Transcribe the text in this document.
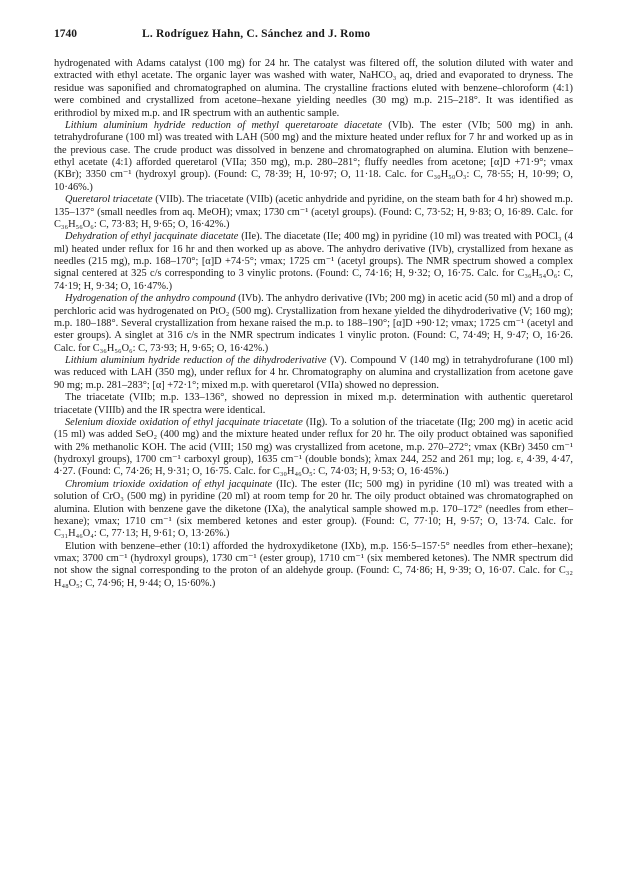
1740	L. Rodríguez Hahn, C. Sánchez and J. Romo

hydrogenated with Adams catalyst (100 mg) for 24 hr. The catalyst was filtered off, the solution diluted with water and extracted with ethyl acetate. The organic layer was washed with water, NaHCO₃ aq, dried and evaporated to dryness. The residue was saponified and chromatographed on alumina. The crystalline fractions eluted with benzene–chloroform (4:1) were combined and crystallized from acetone–hexane yielding needles (30 mg) m.p. 215–218°. It was identified as erithrodiol by mixed m.p. and IR spectrum with an authentic sample.

Lithium aluminium hydride reduction of methyl queretaroate diacetate (VIb). The ester (VIb; 500 mg) in anh. tetrahydrofurane (100 ml) was treated with LAH (500 mg) and the mixture heated under reflux for 7 hr and worked up as in the previous case. The crude product was dissolved in benzene and chromatographed on alumina. Elution with benzene–ethyl acetate (4:1) afforded queretarol (VIIa; 350 mg), m.p. 280–281°; fluffy needles from acetone; [α]D +71·9°; νmax (KBr); 3350 cm⁻¹ (hydroxyl group). (Found: C, 78·39; H, 10·97; O, 11·18. Calc. for C₃₀H₅₀O₃: C, 78·55; H, 10·99; O, 10·46%.)

Queretarol triacetate (VIIb). The triacetate (VIIb) (acetic anhydride and pyridine, on the steam bath for 4 hr) showed m.p. 135–137° (small needles from aq. MeOH); νmax; 1730 cm⁻¹ (acetyl groups). (Found: C, 73·52; H, 9·83; O, 16·89. Calc. for C₃₆H₅₆O₆: C, 73·83; H, 9·65; O, 16·42%.)

Dehydration of ethyl jacquinate diacetate (IIe). The diacetate (IIe; 400 mg) in pyridine (10 ml) was treated with POCl₃ (4 ml) heated under reflux for 16 hr and then worked up as above. The anhydro derivative (IVb), crystallized from hexane as needles (215 mg), m.p. 168–170°; [α]D +74·5°; νmax; 1725 cm⁻¹ (acetyl groups). The NMR spectrum showed a complex signal centered at 325 c/s corresponding to 3 vinylic protons. (Found: C, 74·16; H, 9·32; O, 16·75. Calc. for C₃₆H₅₄O₆: C, 74·19; H, 9·34; O, 16·47%.)

Hydrogenation of the anhydro compound (IVb). The anhydro derivative (IVb; 200 mg) in acetic acid (50 ml) and a drop of perchloric acid was hydrogenated on PtO₂ (500 mg). Crystallization from hexane yielded the dihydroderivative (V; 160 mg); m.p. 180–188°. Several crystallization from hexane raised the m.p. to 188–190°; [α]D +90·12; νmax; 1725 cm⁻¹ (acetyl and ester groups). A singlet at 316 c/s in the NMR spectrum indicates 1 vinylic proton. (Found: C, 74·49; H, 9·47; O, 16·26. Calc. for C₃₆H₅₆O₆: C, 73·93; H, 9·65; O, 16·42%.)

Lithium aluminium hydride reduction of the dihydroderivative (V). Compound V (140 mg) in tetrahydrofurane (100 ml) was reduced with LAH (350 mg), under reflux for 4 hr. Chromatography on alumina and crystallization from acetone gave 90 mg; m.p. 281–283°; [α] +72·1°; mixed m.p. with queretarol (VIIa) showed no depression.

The triacetate (VIIb; m.p. 133–136°, showed no depression in mixed m.p. determination with authentic queretarol triacetate (VIIIb) and the IR spectra were identical.

Selenium dioxide oxidation of ethyl jacquinate triacetate (IIg). To a solution of the triacetate (IIg; 200 mg) in acetic acid (15 ml) was added SeO₂ (400 mg) and the mixture heated under reflux for 20 hr. The oily product obtained was saponified with 2% methanolic KOH. The acid (VIII; 150 mg) was crystallized from acetone, m.p. 270–272°; νmax (KBr) 3450 cm⁻¹ (hydroxyl groups), 1700 cm⁻¹ carboxyl group), 1635 cm⁻¹ (double bonds); λmax 244, 252 and 261 mμ; log. ε, 4·39, 4·47, 4·27. (Found: C, 74·26; H, 9·31; O, 16·75. Calc. for C₃₀H₄₆O₅: C, 74·03; H, 9·53; O, 16·45%.)

Chromium trioxide oxidation of ethyl jacquinate (IIc). The ester (IIc; 500 mg) in pyridine (10 ml) was treated with a solution of CrO₃ (500 mg) in pyridine (20 ml) at room temp for 20 hr. The oily product obtained was chromatographed on alumina. Elution with benzene gave the diketone (IXa), the analytical sample showed m.p. 170–172° (needles from ether–hexane); νmax; 1710 cm⁻¹ (six membered ketones and ester group). (Found: C, 77·10; H, 9·57; O, 13·74. Calc. for C₃₁H₄₆O₄: C, 77·13; H, 9·61; O, 13·26%.)

Elution with benzene–ether (10:1) afforded the hydroxydiketone (IXb), m.p. 156·5–157·5° needles from ether–hexane); νmax; 3700 cm⁻¹ (hydroxyl groups), 1730 cm⁻¹ (ester group), 1710 cm⁻¹ (six membered ketones). The NMR spectrum did not show the signal corresponding to the proton of an aldehyde group. (Found: C, 74·86; H, 9·39; O, 16·07. Calc. for C₃₂ H₄₈O₅; C, 74·96; H, 9·44; O, 15·60%.)
